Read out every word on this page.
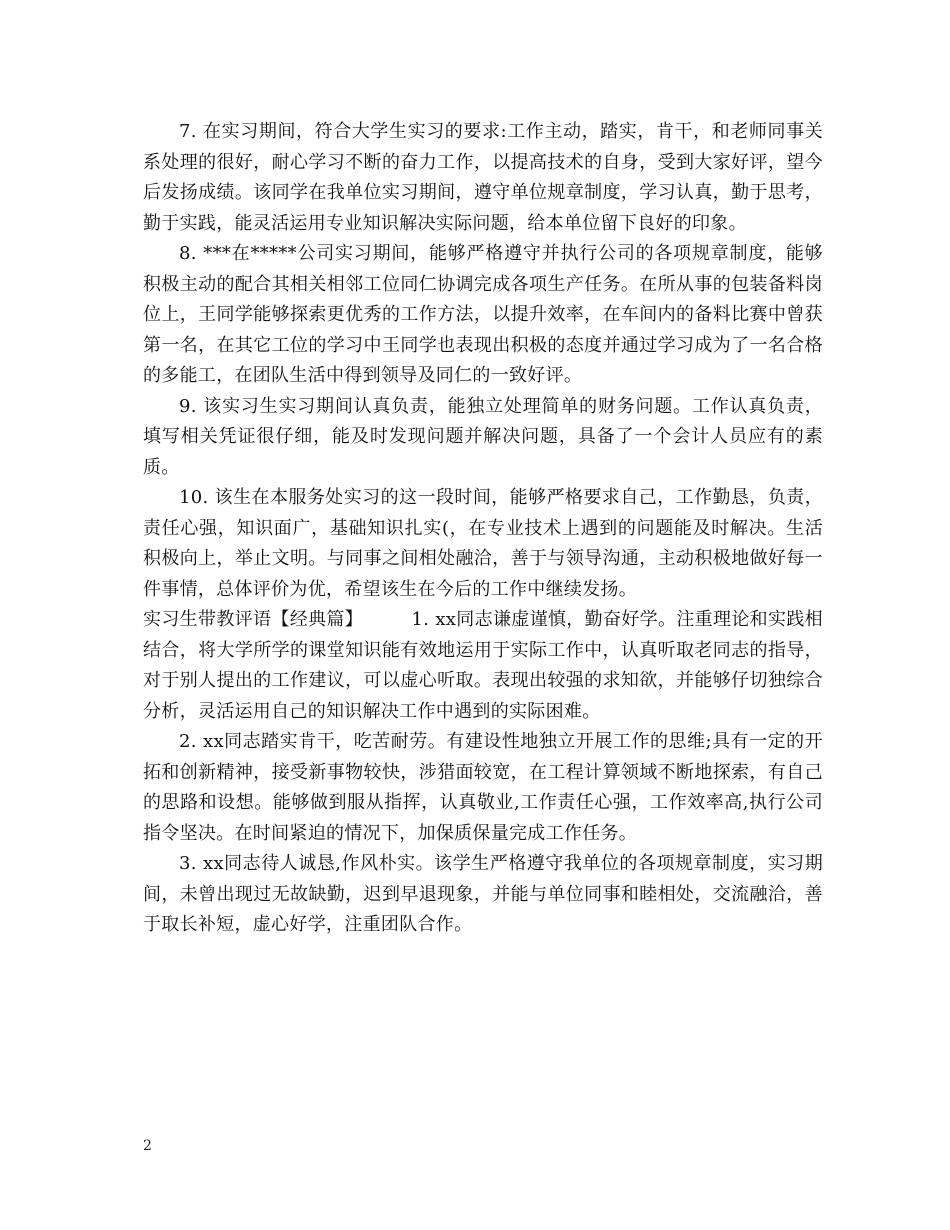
7. 在实习期间，符合大学生实习的要求:工作主动，踏实，肯干，和老师同事关系处理的很好，耐心学习不断的奋力工作，以提高技术的自身，受到大家好评，望今后发扬成绩。该同学在我单位实习期间，遵守单位规章制度，学习认真，勤于思考，勤于实践，能灵活运用专业知识解决实际问题，给本单位留下良好的印象。

8. ***在*****公司实习期间，能够严格遵守并执行公司的各项规章制度，能够积极主动的配合其相关相邻工位同仁协调完成各项生产任务。在所从事的包装备料岗位上，王同学能够探索更优秀的工作方法，以提升效率，在车间内的备料比赛中曾获第一名，在其它工位的学习中王同学也表现出积极的态度并通过学习成为了一名合格的多能工，在团队生活中得到领导及同仁的一致好评。

9. 该实习生实习期间认真负责，能独立处理简单的财务问题。工作认真负责，填写相关凭证很仔细，能及时发现问题并解决问题，具备了一个会计人员应有的素质。

10. 该生在本服务处实习的这一段时间，能够严格要求自己，工作勤恳，负责，责任心强，知识面广，基础知识扎实(，在专业技术上遇到的问题能及时解决。生活积极向上，举止文明。与同事之间相处融洽，善于与领导沟通，主动积极地做好每一件事情，总体评价为优，希望该生在今后的工作中继续发扬。

实习生带教评语【经典篇】	1. xx同志谦虚谨慎，勤奋好学。注重理论和实践相结合，将大学所学的课堂知识能有效地运用于实际工作中，认真听取老同志的指导，对于别人提出的工作建议，可以虚心听取。表现出较强的求知欲，并能够仔切独综合分析，灵活运用自己的知识解决工作中遇到的实际困难。

2. xx同志踏实肯干，吃苦耐劳。有建设性地独立开展工作的思维;具有一定的开拓和创新精神，接受新事物较快，涉猎面较宽，在工程计算领域不断地探索，有自己的思路和设想。能够做到服从指挥，认真敬业,工作责任心强，工作效率高,执行公司指令坚决。在时间紧迫的情况下，加保质保量完成工作任务。

3. xx同志待人诚恳,作风朴实。该学生严格遵守我单位的各项规章制度，实习期间，未曾出现过无故缺勤，迟到早退现象，并能与单位同事和睦相处，交流融洽，善于取长补短，虚心好学，注重团队合作。

2
